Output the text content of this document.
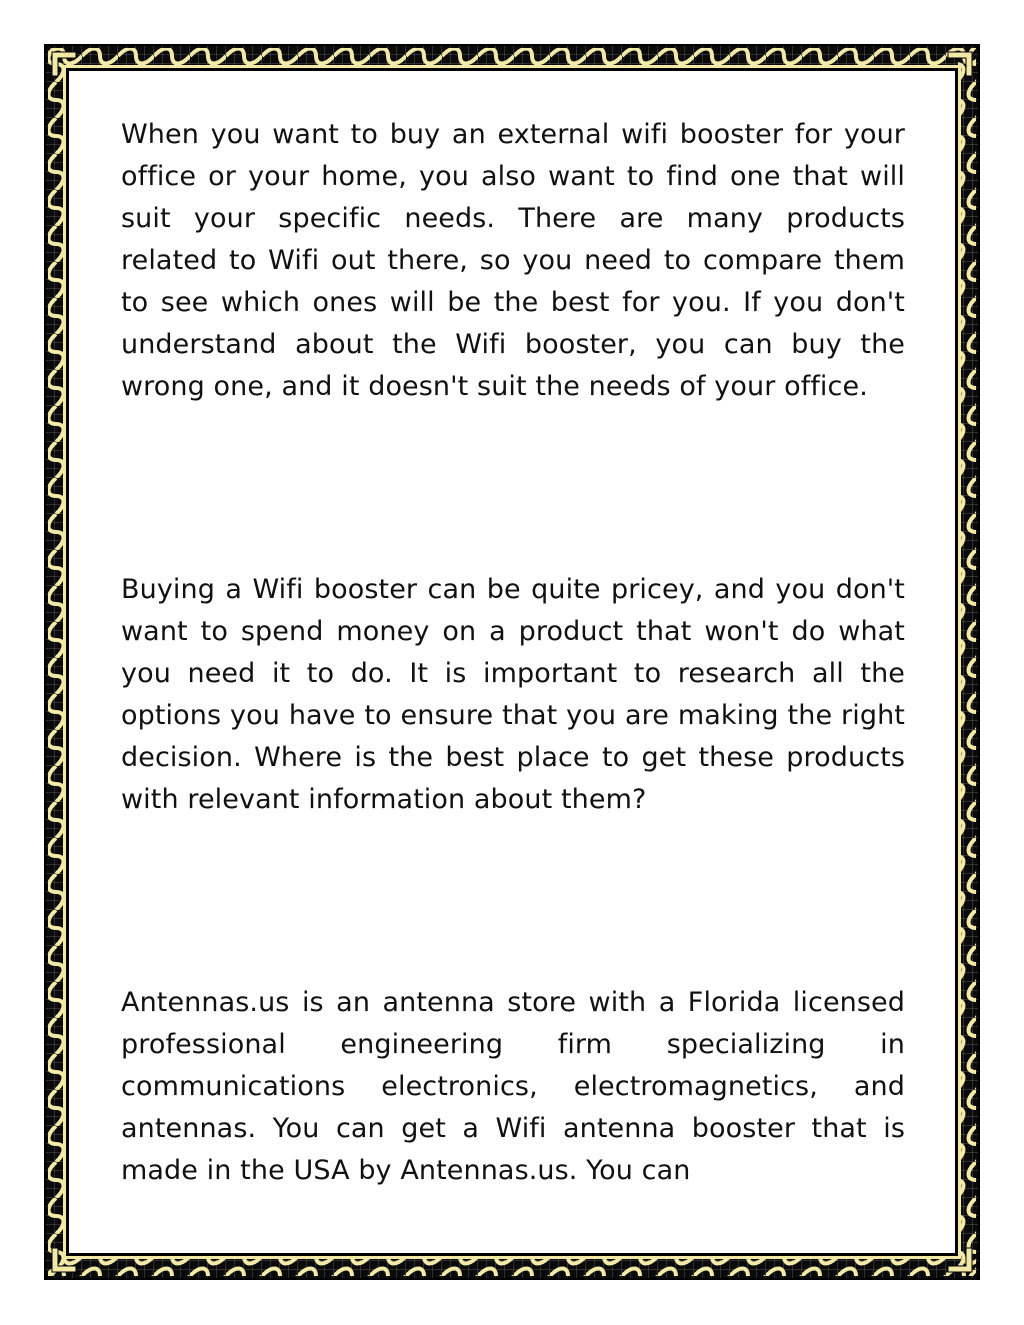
When you want to buy an external wifi booster for your office or your home, you also want to find one that will suit your specific needs. There are many products related to Wifi out there, so you need to compare them to see which ones will be the best for you. If you don't understand about the Wifi booster, you can buy the wrong one, and it doesn't suit the needs of your office.

Buying a Wifi booster can be quite pricey, and you don't want to spend money on a product that won't do what you need it to do. It is important to research all the options you have to ensure that you are making the right decision. Where is the best place to get these products with relevant information about them?

Antennas.us is an antenna store with a Florida licensed professional engineering firm specializing in communications electronics, electromagnetics, and antennas. You can get a Wifi antenna booster that is made in the USA by Antennas.us. You can
